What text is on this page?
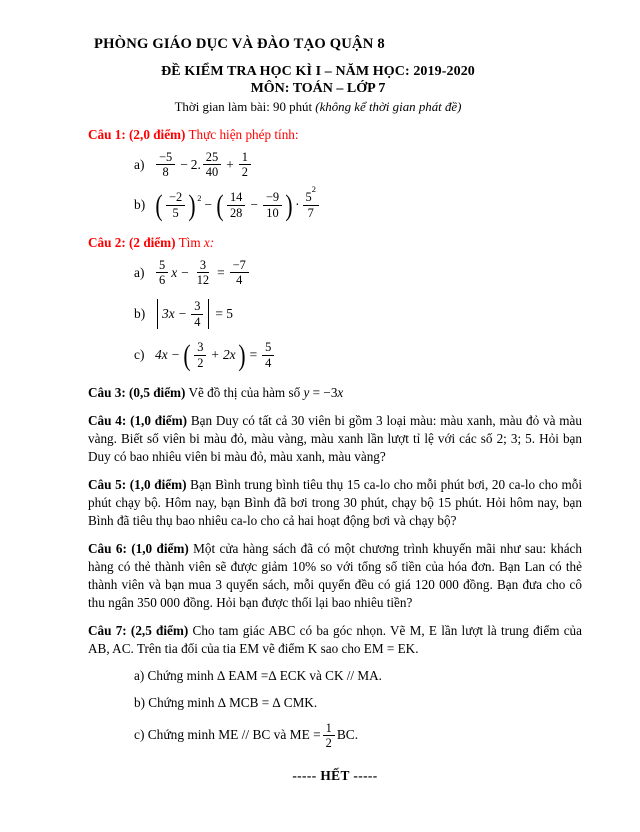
PHÒNG GIÁO DỤC VÀ ĐÀO TẠO QUẬN 8
ĐỀ KIỂM TRA HỌC KÌ I – NĂM HỌC: 2019-2020
MÔN: TOÁN – LỚP 7
Thời gian làm bài: 90 phút (không kể thời gian phát đề)

Câu 1: (2,0 điểm) Thực hiện phép tính:

$a) \frac{-5}{8} - 2$. $\frac{25}{40} + \frac{1}{2}$
b) ( $\frac{-2}{5}$ ) 2 − ( $\frac{14}{28} - \frac{-9}{10}$ ) · $\frac{5^2}{7}$

Câu 2: (2 điểm) Tìm x:

$a) \frac{5}{6}$ $x - \frac{3}{12} = \frac{-7}{4}$
b)	$3x - \frac{3}{4} = 5$
c) 4x − ( $\frac{3}{2} + 2x$ ) = $\frac{5}{4}$

Câu 3: (0,5 điểm) Vẽ đồ thị của hàm số y = −3x

Câu 4: (1,0 điểm) Bạn Duy có tất cả 30 viên bi gồm 3 loại màu: màu xanh, màu đỏ và màu vàng. Biết số viên bi màu đỏ, màu vàng, màu xanh lần lượt tỉ lệ với các số 2; 3; 5. Hỏi bạn Duy có bao nhiêu viên bi màu đỏ, màu xanh, màu vàng?

Câu 5: (1,0 điểm) Bạn Bình trung bình tiêu thụ 15 ca-lo cho mỗi phút bơi, 20 ca-lo cho mỗi phút chạy bộ. Hôm nay, bạn Bình đã bơi trong 30 phút, chạy bộ 15 phút. Hỏi hôm nay, bạn Bình đã tiêu thụ bao nhiêu ca-lo cho cả hai hoạt động bơi và chạy bộ?

Câu 6: (1,0 điểm) Một cửa hàng sách đã có một chương trình khuyến mãi như sau: khách hàng có thẻ thành viên sẽ được giảm 10% so với tổng số tiền của hóa đơn. Bạn Lan có thẻ thành viên và bạn mua 3 quyển sách, mỗi quyển đều có giá 120 000 đồng. Bạn đưa cho cô thu ngân 350 000 đồng. Hỏi bạn được thối lại bao nhiêu tiền?

Câu 7: (2,5 điểm) Cho tam giác ABC có ba góc nhọn. Vẽ M, E lần lượt là trung điểm của AB, AC. Trên tia đối của tia EM vẽ điểm K sao cho EM = EK.

a) Chứng minh ∆ EAM =∆ ECK và CK // MA.
b) Chứng minh ∆ MCB = ∆ CMK.
c) Chứng minh ME // BC và ME = $\frac{1}{2}$ BC.
----- HẾT -----
